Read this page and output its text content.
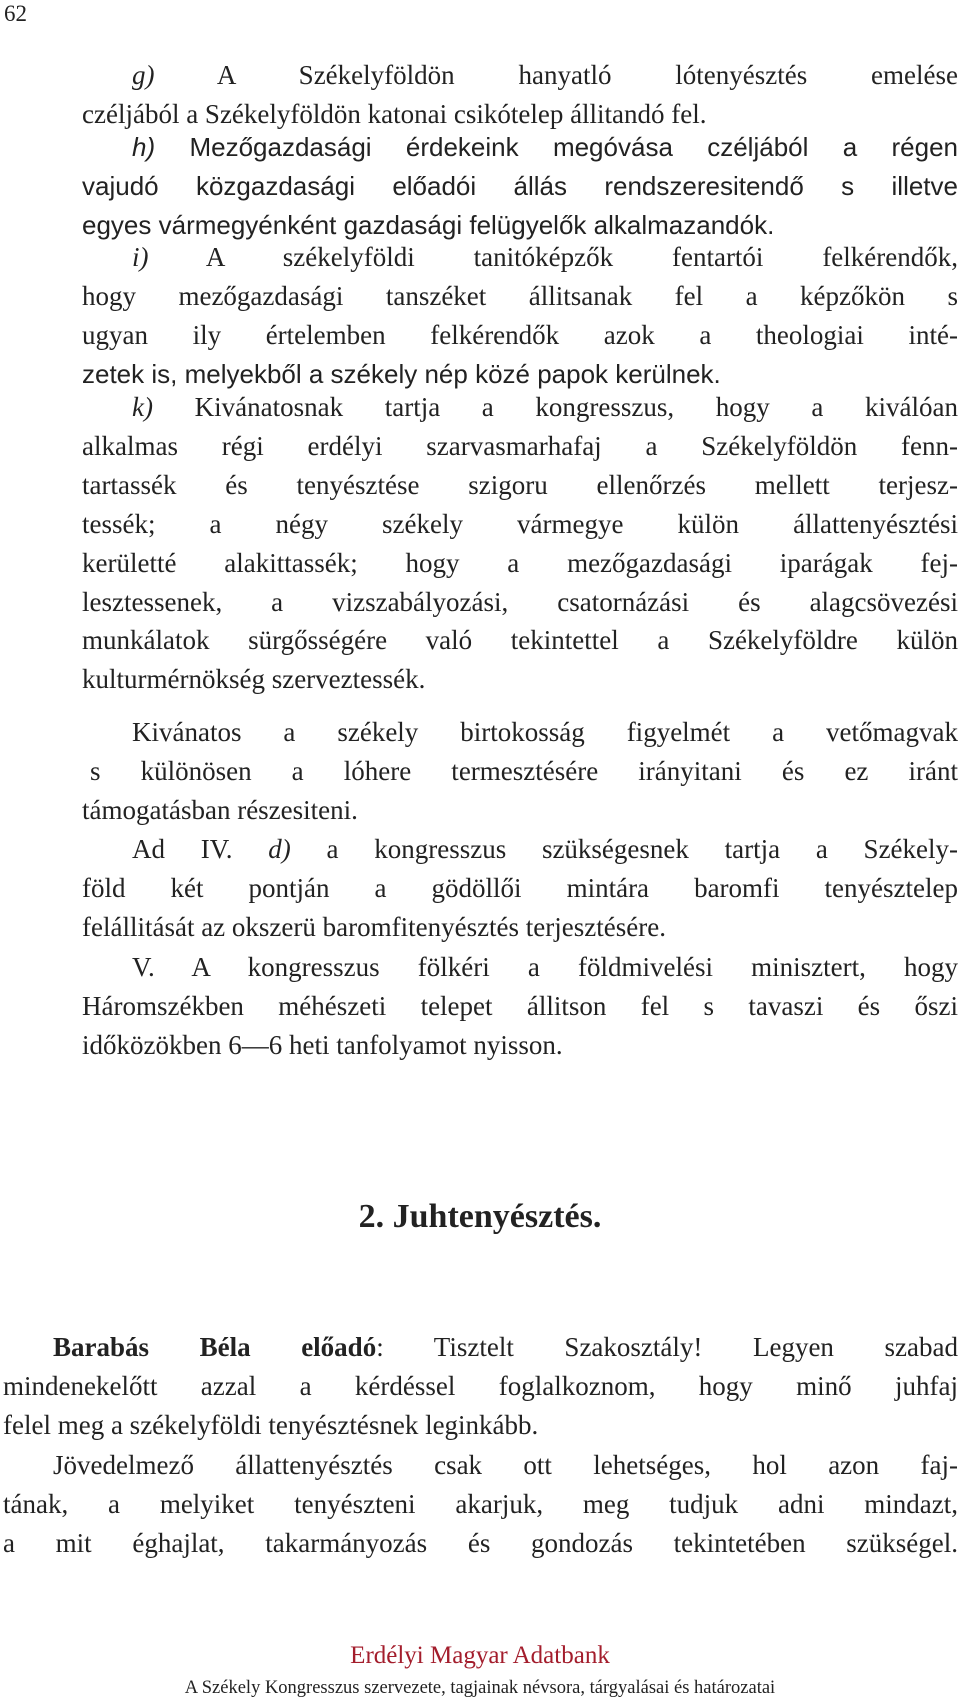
62
g) A Székelyföldön hanyatló lótenyésztés emelése
czéljából a Székelyföldön katonai csikótelep állitandó fel.
h) Mezőgazdasági érdekeink megóvása czéljából a régen
vajudó közgazdasági előadói állás rendszeresitendő s illetve
egyes vármegyénként gazdasági felügyelők alkalmazandók.
i) A székelyföldi tanitóképzők fentartói felkérendők,
hogy mezőgazdasági tanszéket állitsanak fel a képzőkön s
ugyan ily értelemben felkérendők azok a theologiai inté-
zetek is, melyekből a székely nép közé papok kerülnek.
k) Kivánatosnak tartja a kongresszus, hogy a kiválóan
alkalmas régi erdélyi szarvasmarhafaj a Székelyföldön fenn-
tartassék és tenyésztése szigoru ellenőrzés mellett terjesz-
tessék; a négy székely vármegye külön állattenyésztési
kerületté alakittassék; hogy a mezőgazdasági iparágak fej-
lesztessenek, a vizszabályozási, csatornázási és alagcsövezési
munkálatok sürgősségére való tekintettel a Székelyföldre külön
kulturmérnökség szerveztessék.
Kivánatos a székely birtokosság figyelmét a vetőmagvak
s különösen a lóhere termesztésére irányitani és ez iránt
támogatásban részesiteni.
Ad IV. d) a kongresszus szükségesnek tartja a Székely-
föld két pontján a gödöllői mintára baromfi tenyésztelep
felállitását az okszerü baromfitenyésztés terjesztésére.
V. A kongresszus fölkéri a földmivelési minisztert, hogy
Háromszékben méhészeti telepet állitson fel s tavaszi és őszi
időközökben 6—6 heti tanfolyamot nyisson.
2. Juhtenyésztés.
Barabás Béla előadó: Tisztelt Szakosztály! Legyen szabad
mindenekelőtt azzal a kérdéssel foglalkoznom, hogy minő juhfaj
felel meg a székelyföldi tenyésztésnek leginkább.
Jövedelmező állattenyésztés csak ott lehetséges, hol azon faj-
tának, a melyiket tenyészteni akarjuk, meg tudjuk adni mindazt,
a mit éghajlat, takarmányozás és gondozás tekintetében szükségel.
Erdélyi Magyar Adatbank
A Székely Kongresszus szervezete, tagjainak névsora, tárgyalásai és határozatai
